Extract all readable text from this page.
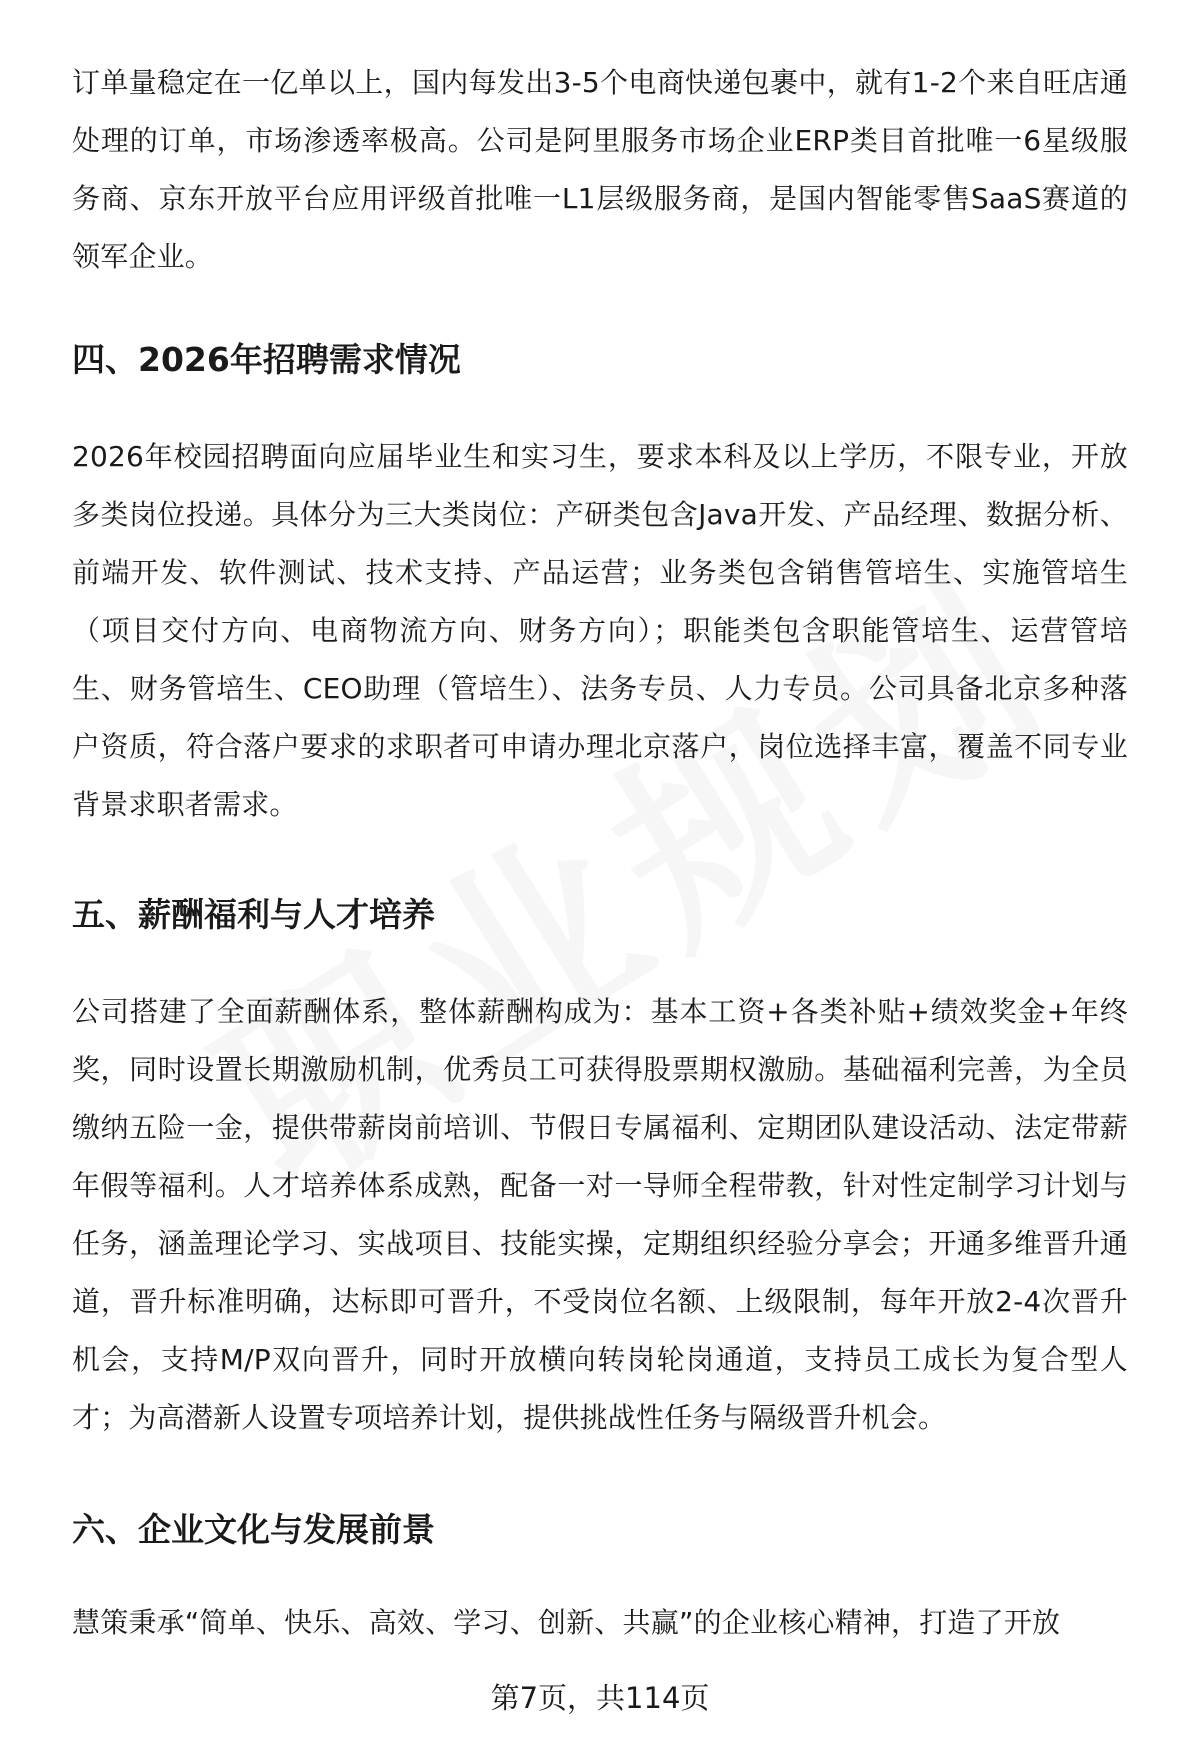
订单量稳定在一亿单以上，国内每发出3-5个电商快递包裹中，就有1-2个来自旺店通处理的订单，市场渗透率极高。公司是阿里服务市场企业ERP类目首批唯一6星级服务商、京东开放平台应用评级首批唯一L1层级服务商，是国内智能零售SaaS赛道的领军企业。

四、2026年招聘需求情况

2026年校园招聘面向应届毕业生和实习生，要求本科及以上学历，不限专业，开放多类岗位投递。具体分为三大类岗位：产研类包含Java开发、产品经理、数据分析、前端开发、软件测试、技术支持、产品运营；业务类包含销售管培生、实施管培生（项目交付方向、电商物流方向、财务方向）；职能类包含职能管培生、运营管培生、财务管培生、CEO助理（管培生）、法务专员、人力专员。公司具备北京多种落户资质，符合落户要求的求职者可申请办理北京落户，岗位选择丰富，覆盖不同专业背景求职者需求。

五、薪酬福利与人才培养

公司搭建了全面薪酬体系，整体薪酬构成为：基本工资+各类补贴+绩效奖金+年终奖，同时设置长期激励机制，优秀员工可获得股票期权激励。基础福利完善，为全员缴纳五险一金，提供带薪岗前培训、节假日专属福利、定期团队建设活动、法定带薪年假等福利。人才培养体系成熟，配备一对一导师全程带教，针对性定制学习计划与任务，涵盖理论学习、实战项目、技能实操，定期组织经验分享会；开通多维晋升通道，晋升标准明确，达标即可晋升，不受岗位名额、上级限制，每年开放2-4次晋升机会，支持M/P双向晋升，同时开放横向转岗轮岗通道，支持员工成长为复合型人才；为高潜新人设置专项培养计划，提供挑战性任务与隔级晋升机会。

六、企业文化与发展前景

慧策秉承“简单、快乐、高效、学习、创新、共赢”的企业核心精神，打造了开放

第7页，共114页
